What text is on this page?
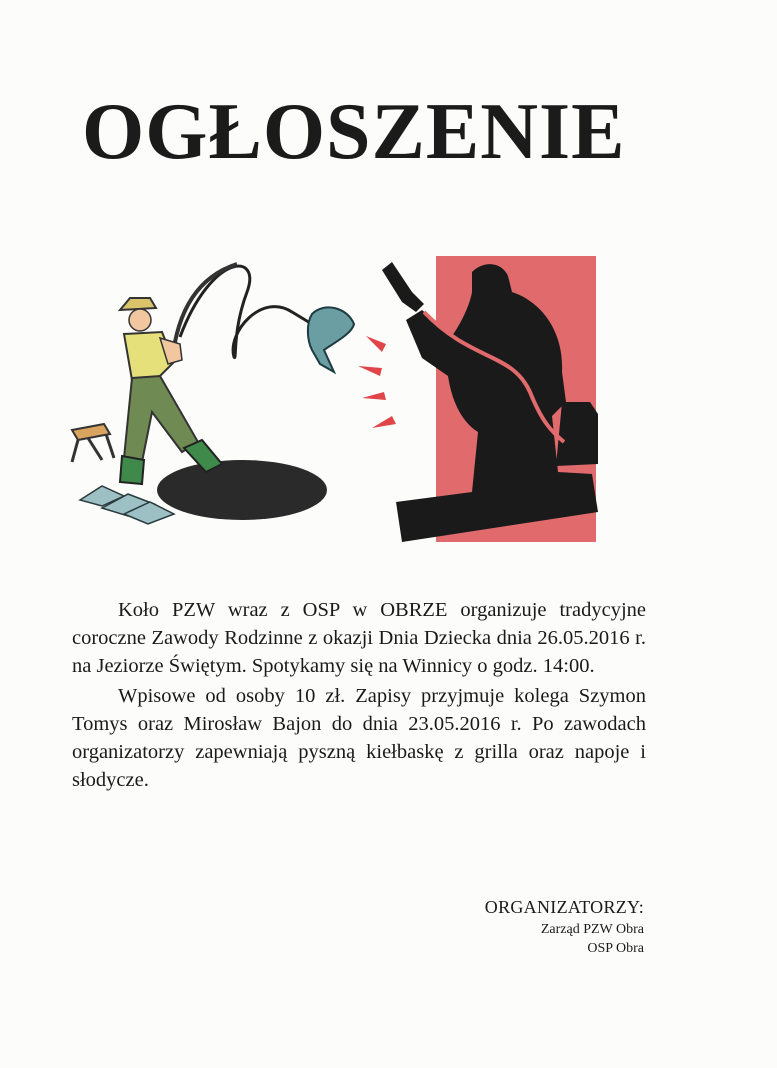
OGŁOSZENIE

Koło PZW wraz z OSP w OBRZE organizuje tradycyjne coroczne Zawody Rodzinne z okazji Dnia Dziecka dnia 26.05.2016 r. na Jeziorze Świętym. Spotykamy się na Winnicy o godz. 14:00.

Wpisowe od osoby 10 zł. Zapisy przyjmuje kolega Szymon Tomys oraz Mirosław Bajon do dnia 23.05.2016 r. Po zawodach organizatorzy zapewniają pyszną kiełbaskę z grilla oraz napoje i słodycze.

ORGANIZATORZY:

Zarząd PZW Obra

OSP Obra
